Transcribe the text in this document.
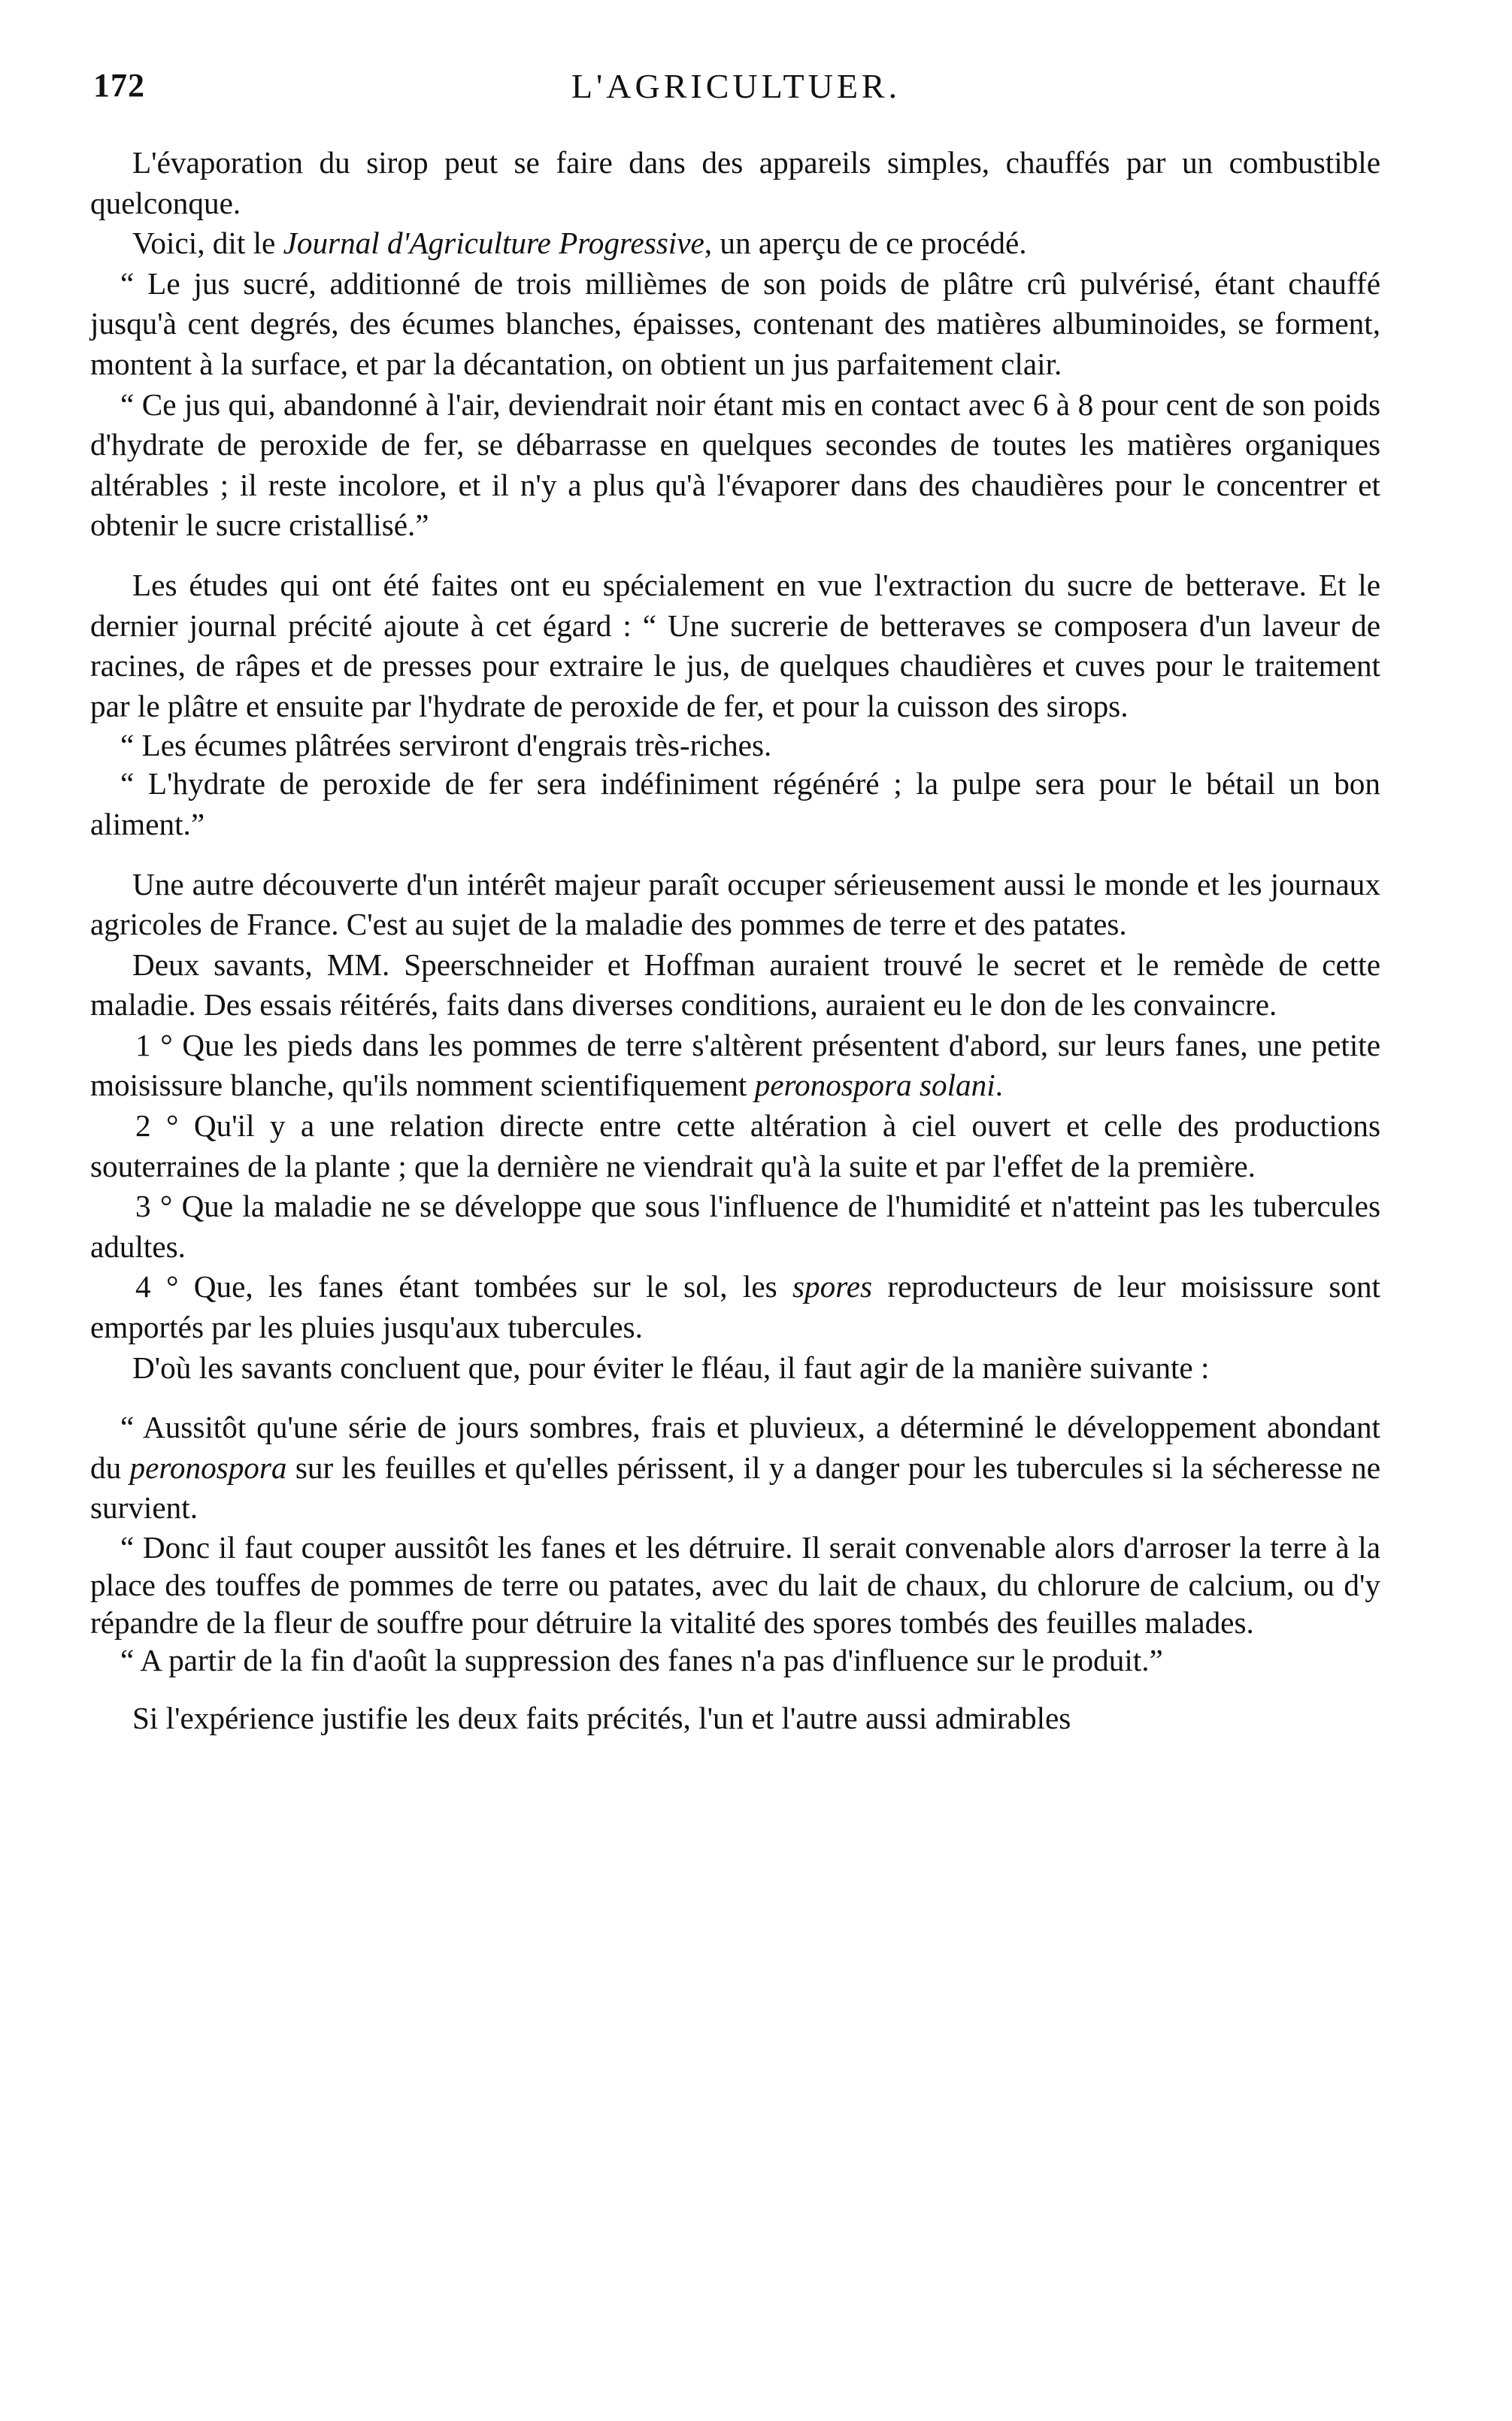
172	L'AGRICULTUER.

L'évaporation du sirop peut se faire dans des appareils simples, chauffés par un combustible quelconque.

Voici, dit le Journal d'Agriculture Progressive, un aperçu de ce procédé.

“ Le jus sucré, additionné de trois millièmes de son poids de plâtre crû pulvérisé, étant chauffé jusqu'à cent degrés, des écumes blanches, épaisses, contenant des matières albuminoides, se forment, montent à la surface, et par la décantation, on obtient un jus parfaitement clair.

“ Ce jus qui, abandonné à l'air, deviendrait noir étant mis en contact avec 6 à 8 pour cent de son poids d'hydrate de peroxide de fer, se débarrasse en quelques secondes de toutes les matières organiques altérables ; il reste incolore, et il n'y a plus qu'à l'évaporer dans des chaudières pour le concentrer et obtenir le sucre cristallisé.”

Les études qui ont été faites ont eu spécialement en vue l'extraction du sucre de betterave. Et le dernier journal précité ajoute à cet égard : “ Une sucrerie de betteraves se composera d'un laveur de racines, de râpes et de presses pour extraire le jus, de quelques chaudières et cuves pour le traitement par le plâtre et ensuite par l'hydrate de peroxide de fer, et pour la cuisson des sirops.

“ Les écumes plâtrées serviront d'engrais très-riches.

“ L'hydrate de peroxide de fer sera indéfiniment régénéré ; la pulpe sera pour le bétail un bon aliment.”

Une autre découverte d'un intérêt majeur paraît occuper sérieusement aussi le monde et les journaux agricoles de France. C'est au sujet de la maladie des pommes de terre et des patates.

Deux savants, MM. Speerschneider et Hoffman auraient trouvé le secret et le remède de cette maladie. Des essais réitérés, faits dans diverses conditions, auraient eu le don de les convaincre.

1 ° Que les pieds dans les pommes de terre s'altèrent présentent d'abord, sur leurs fanes, une petite moisissure blanche, qu'ils nomment scientifiquement peronospora solani.

2 ° Qu'il y a une relation directe entre cette altération à ciel ouvert et celle des productions souterraines de la plante ; que la dernière ne viendrait qu'à la suite et par l'effet de la première.

3 ° Que la maladie ne se développe que sous l'influence de l'humidité et n'atteint pas les tubercules adultes.

4 ° Que, les fanes étant tombées sur le sol, les spores reproducteurs de leur moisissure sont emportés par les pluies jusqu'aux tubercules.

D'où les savants concluent que, pour éviter le fléau, il faut agir de la manière suivante :

“ Aussitôt qu'une série de jours sombres, frais et pluvieux, a déterminé le développement abondant du peronospora sur les feuilles et qu'elles périssent, il y a danger pour les tubercules si la sécheresse ne survient.

“ Donc il faut couper aussitôt les fanes et les détruire. Il serait convenable alors d'arroser la terre à la place des touffes de pommes de terre ou patates, avec du lait de chaux, du chlorure de calcium, ou d'y répandre de la fleur de souffre pour détruire la vitalité des spores tombés des feuilles malades.

“ A partir de la fin d'août la suppression des fanes n'a pas d'influence sur le produit.”

Si l'expérience justifie les deux faits précités, l'un et l'autre aussi admirables
